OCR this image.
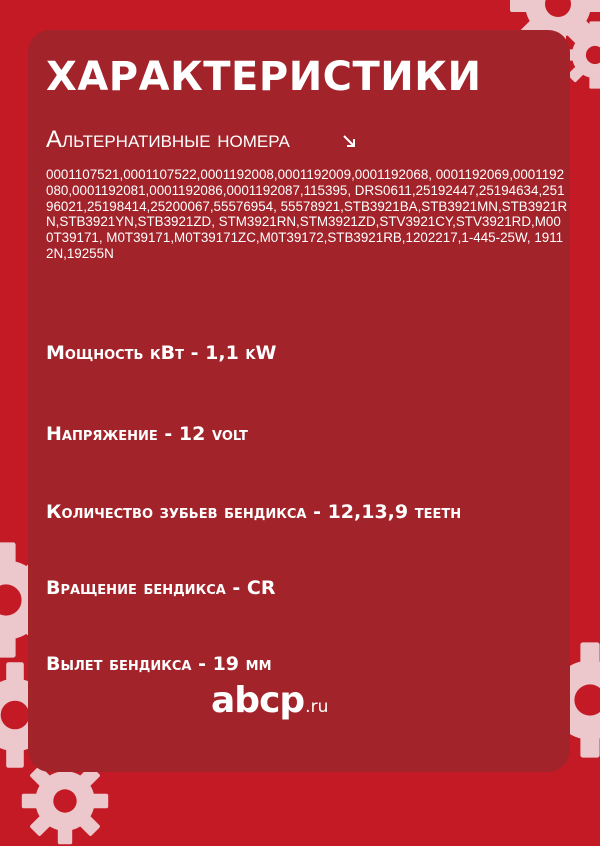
ХАРАКТЕРИСТИКИ
Альтернативные номера

0001107521,0001107522,0001192008,0001192009,0001192068, 0001192069,0001192080,0001192081,0001192086,0001192087,115395, DRS0611,25192447,25194634,25196021,25198414,25200067,55576954, 55578921,STB3921BA,STB3921MN,STB3921RN,STB3921YN,STB3921ZD, STM3921RN,STM3921ZD,STV3921CY,STV3921RD,M000T39171, M0T39171,M0T39171ZC,M0T39172,STB3921RB,1202217,1-445-25W, 19112N,19255N

Мощность кВт - 1,1 kW
Напряжение - 12 volt
Количество зубьев бендикса - 12,13,9 teeth
Вращение бендикса - CR
Вылет бендикса - 19 мм
abcp.ru
